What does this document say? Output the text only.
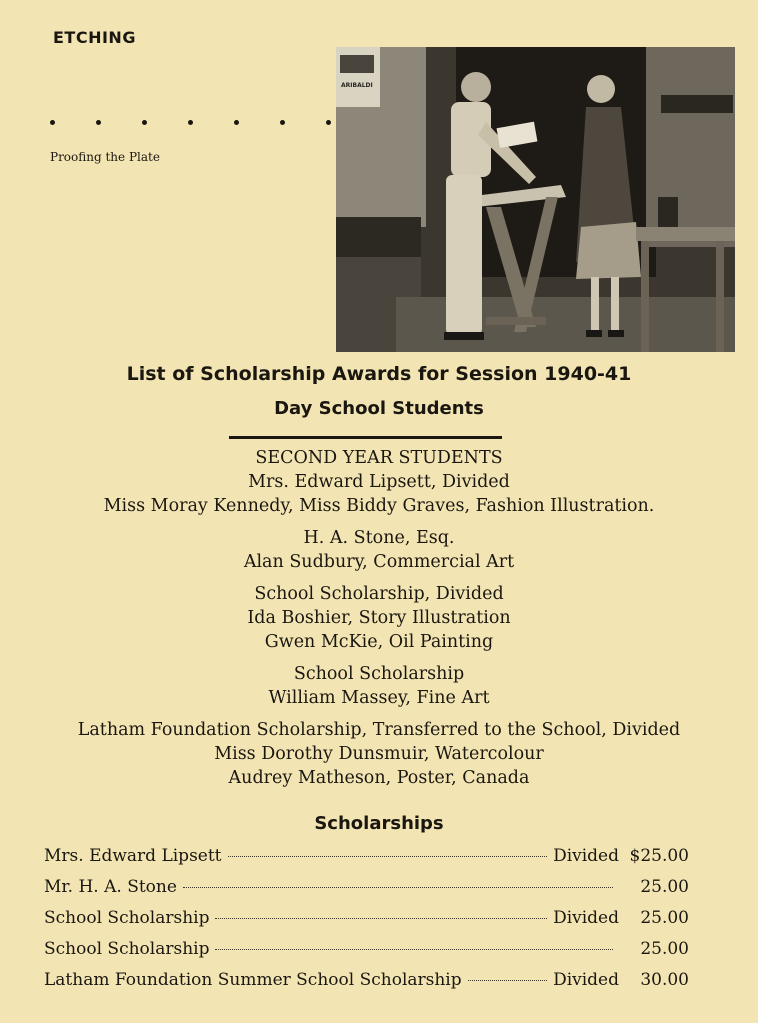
ETCHING
Proofing the Plate
ARIBALDI
List of Scholarship Awards for Session 1940-41
Day School Students
SECOND YEAR STUDENTS
Mrs. Edward Lipsett, Divided
Miss Moray Kennedy, Miss Biddy Graves, Fashion Illustration.
H. A. Stone, Esq.
Alan Sudbury, Commercial Art
School Scholarship, Divided
Ida Boshier, Story Illustration
Gwen McKie, Oil Painting
School Scholarship
William Massey, Fine Art
Latham Foundation Scholarship, Transferred to the School, Divided
Miss Dorothy Dunsmuir, Watercolour
Audrey Matheson, Poster, Canada
Scholarships
Mrs. Edward Lipsett	Divided $25.00
Mr. H. A. Stone	25.00
School Scholarship	Divided	25.00
School Scholarship	25.00
Latham Foundation Summer School Scholarship	Divided	30.00
